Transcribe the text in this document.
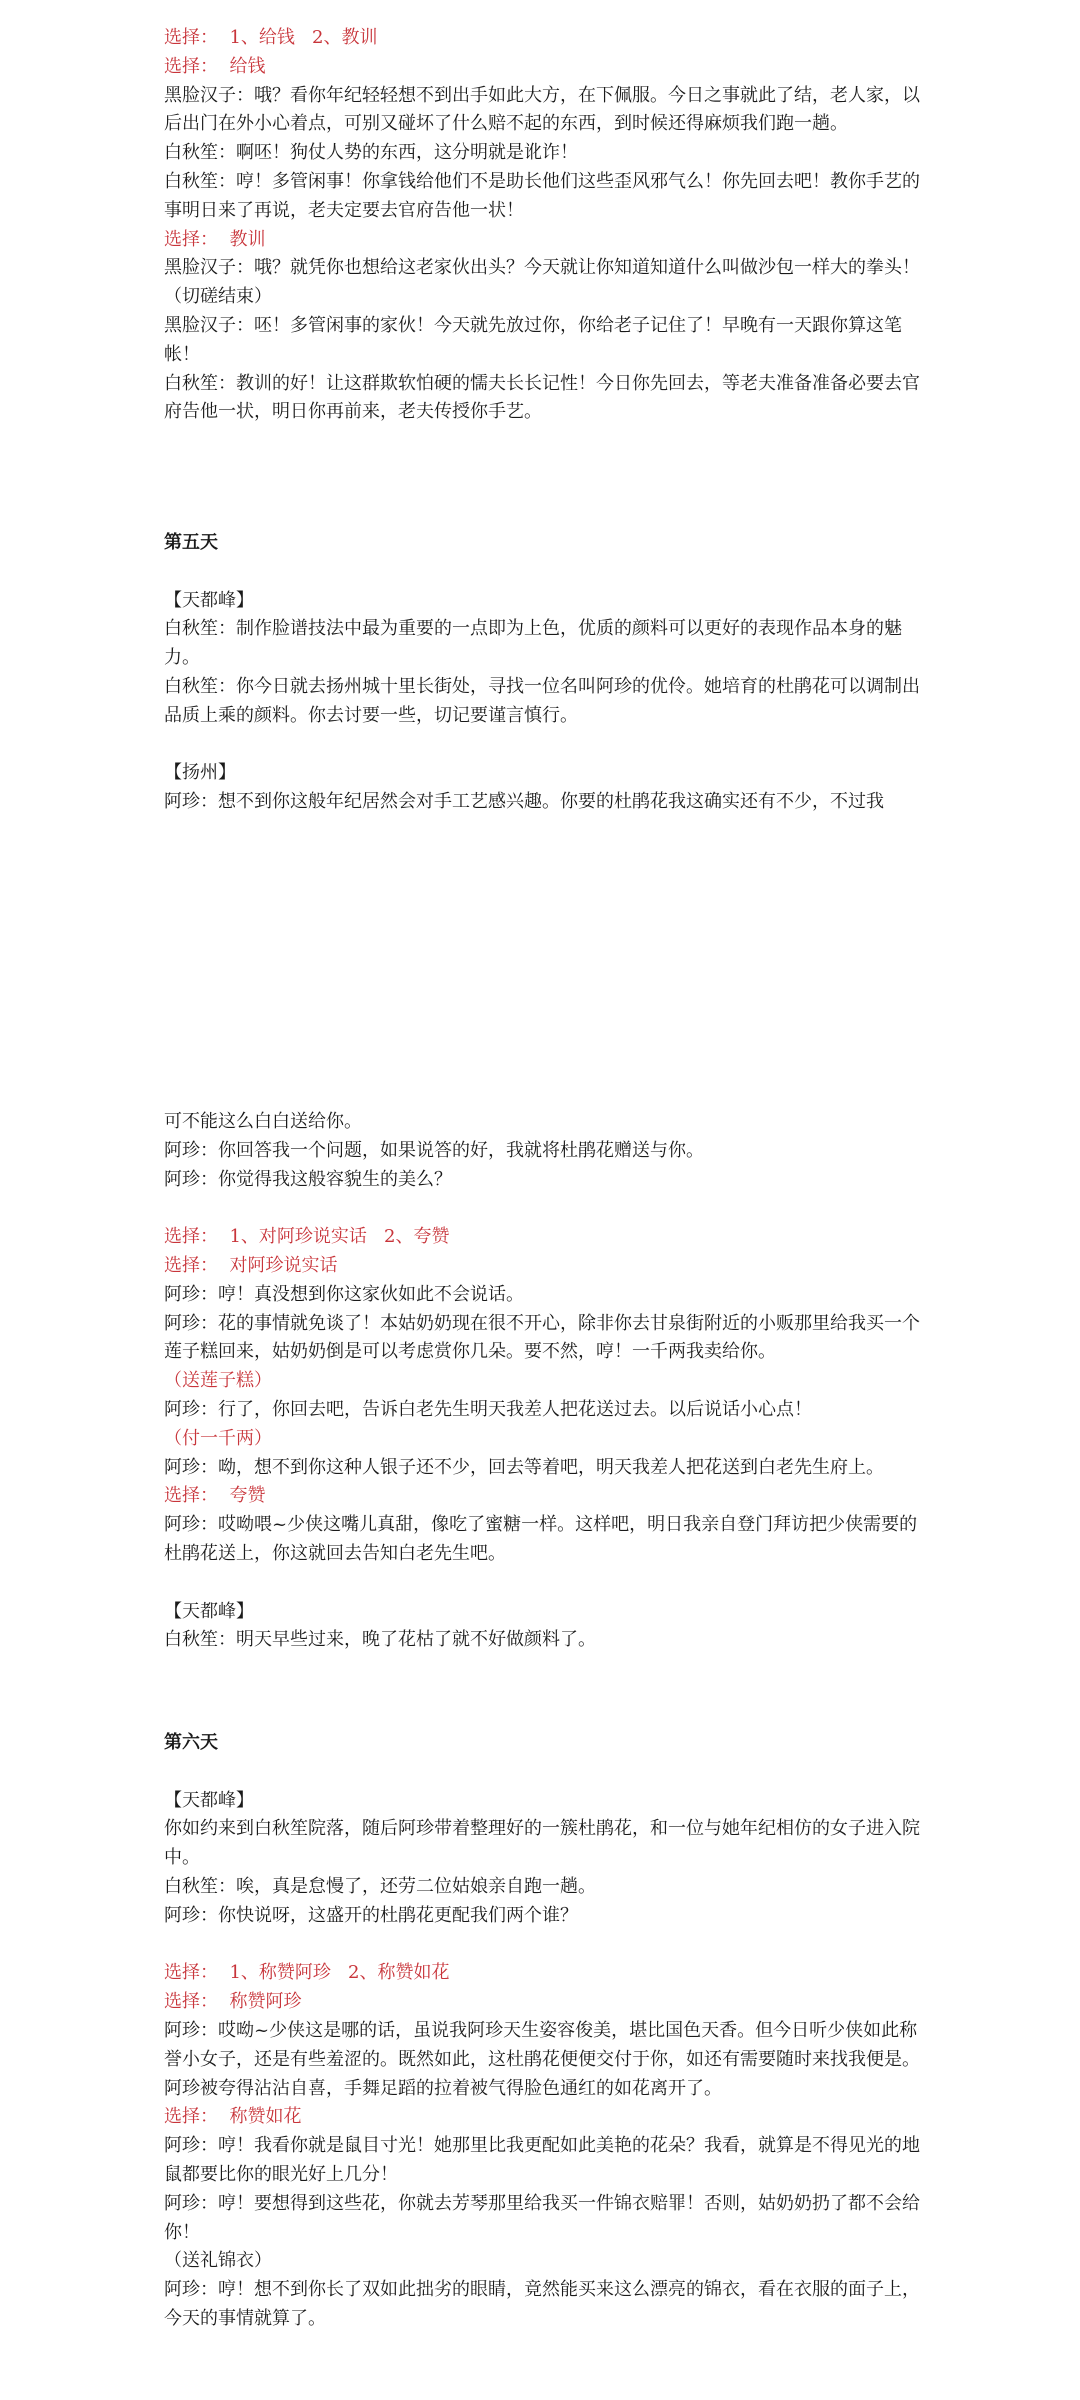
选择：  1、给钱   2、教训

选择：  给钱

黑脸汉子：哦？看你年纪轻轻想不到出手如此大方，在下佩服。今日之事就此了结，老人家，以后出门在外小心着点，可别又碰坏了什么赔不起的东西，到时候还得麻烦我们跑一趟。

白秋笙：啊呸！狗仗人势的东西，这分明就是讹诈！

白秋笙：哼！多管闲事！你拿钱给他们不是助长他们这些歪风邪气么！你先回去吧！教你手艺的事明日来了再说，老夫定要去官府告他一状！

选择：  教训

黑脸汉子：哦？就凭你也想给这老家伙出头？今天就让你知道知道什么叫做沙包一样大的拳头！

（切磋结束）

黑脸汉子：呸！多管闲事的家伙！今天就先放过你，你给老子记住了！早晚有一天跟你算这笔帐！

白秋笙：教训的好！让这群欺软怕硬的懦夫长长记性！今日你先回去，等老夫准备准备必要去官府告他一状，明日你再前来，老夫传授你手艺。

第五天

【天都峰】

白秋笙：制作脸谱技法中最为重要的一点即为上色，优质的颜料可以更好的表现作品本身的魅力。

白秋笙：你今日就去扬州城十里长街处，寻找一位名叫阿珍的优伶。她培育的杜鹃花可以调制出品质上乘的颜料。你去讨要一些，切记要谨言慎行。

【扬州】

阿珍：想不到你这般年纪居然会对手工艺感兴趣。你要的杜鹃花我这确实还有不少，不过我

可不能这么白白送给你。

阿珍：你回答我一个问题，如果说答的好，我就将杜鹃花赠送与你。

阿珍：你觉得我这般容貌生的美么？

选择：  1、对阿珍说实话   2、夸赞

选择：  对阿珍说实话

阿珍：哼！真没想到你这家伙如此不会说话。

阿珍：花的事情就免谈了！本姑奶奶现在很不开心，除非你去甘泉街附近的小贩那里给我买一个莲子糕回来，姑奶奶倒是可以考虑赏你几朵。要不然，哼！一千两我卖给你。

（送莲子糕）

阿珍：行了，你回去吧，告诉白老先生明天我差人把花送过去。以后说话小心点！

（付一千两）

阿珍：呦，想不到你这种人银子还不少，回去等着吧，明天我差人把花送到白老先生府上。

选择：  夸赞

阿珍：哎呦喂~少侠这嘴儿真甜，像吃了蜜糖一样。这样吧，明日我亲自登门拜访把少侠需要的杜鹃花送上，你这就回去告知白老先生吧。

【天都峰】

白秋笙：明天早些过来，晚了花枯了就不好做颜料了。

第六天

【天都峰】

你如约来到白秋笙院落，随后阿珍带着整理好的一簇杜鹃花，和一位与她年纪相仿的女子进入院中。

白秋笙：唉，真是怠慢了，还劳二位姑娘亲自跑一趟。

阿珍：你快说呀，这盛开的杜鹃花更配我们两个谁？

选择：  1、称赞阿珍   2、称赞如花

选择：  称赞阿珍

阿珍：哎呦~少侠这是哪的话，虽说我阿珍天生姿容俊美，堪比国色天香。但今日听少侠如此称誉小女子，还是有些羞涩的。既然如此，这杜鹃花便便交付于你，如还有需要随时来找我便是。

阿珍被夸得沾沾自喜，手舞足蹈的拉着被气得脸色通红的如花离开了。

选择：  称赞如花

阿珍：哼！我看你就是鼠目寸光！她那里比我更配如此美艳的花朵？我看，就算是不得见光的地鼠都要比你的眼光好上几分！

阿珍：哼！要想得到这些花，你就去芳琴那里给我买一件锦衣赔罪！否则，姑奶奶扔了都不会给你！

（送礼锦衣）

阿珍：哼！想不到你长了双如此拙劣的眼睛，竟然能买来这么漂亮的锦衣，看在衣服的面子上，今天的事情就算了。
